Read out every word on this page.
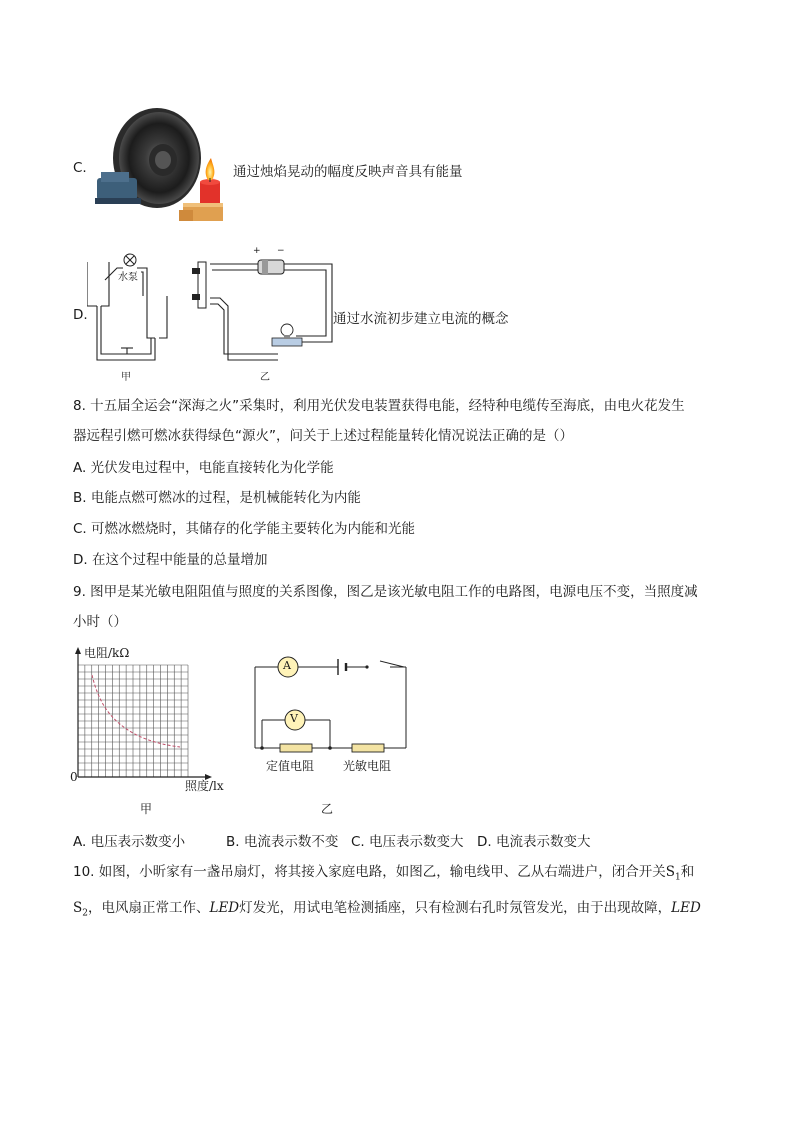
C.	通过烛焰晃动的幅度反映声音具有能量
D.
水泵
甲
+ −
乙
通过水流初步建立电流的概念
8. 十五届全运会“深海之火”采集时，利用光伏发电装置获得电能，经特种电缆传至海底，由电火花发生
器远程引燃可燃冰获得绿色“源火”，问关于上述过程能量转化情况说法正确的是（）
A. 光伏发电过程中，电能直接转化为化学能
B. 电能点燃可燃冰的过程，是机械能转化为内能
C. 可燃冰燃烧时，其储存的化学能主要转化为内能和光能
D. 在这个过程中能量的总量增加
9. 图甲是某光敏电阻阻值与照度的关系图像，图乙是该光敏电阻工作的电路图，电源电压不变，当照度减
小时（）
电阻/kΩ
0
照度/lx
甲
A
V
定值电阻 光敏电阻
乙
A. 电压表示数变小	B. 电流表示数不变 C. 电压表示数变大 D. 电流表示数变大
10. 如图，小昕家有一盏吊扇灯，将其接入家庭电路，如图乙，输电线甲、乙从右端进户，闭合开关$S_1$和
$S_2$，电风扇正常工作、LED灯发光，用试电笔检测插座，只有检测右孔时氖管发光，由于出现故障，LED
